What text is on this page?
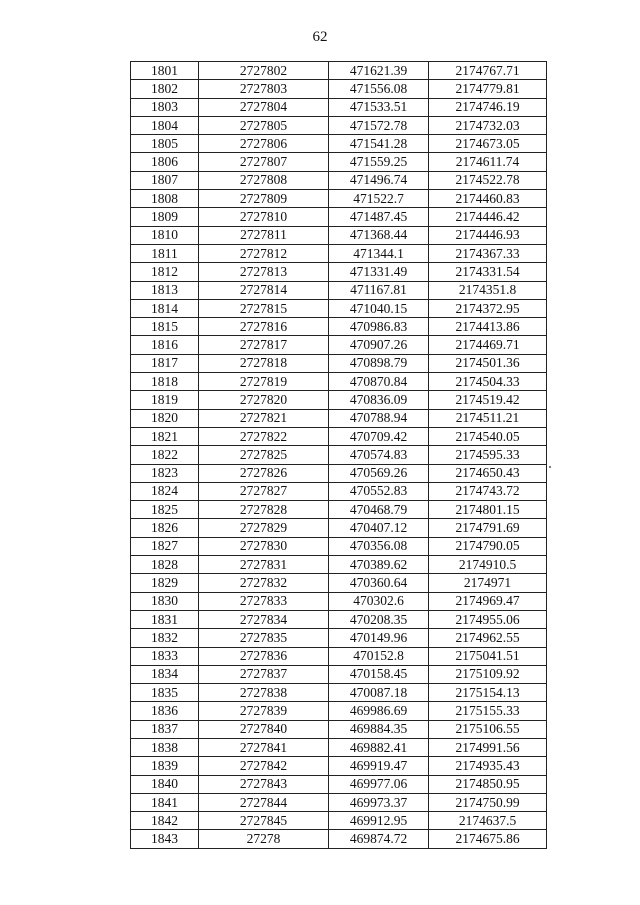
62
1801	2727802	471621.39	2174767.71
1802	2727803	471556.08	2174779.81
1803	2727804	471533.51	2174746.19
1804	2727805	471572.78	2174732.03
1805	2727806	471541.28	2174673.05
1806	2727807	471559.25	2174611.74
1807	2727808	471496.74	2174522.78
1808	2727809	471522.7	2174460.83
1809	2727810	471487.45	2174446.42
1810	2727811	471368.44	2174446.93
1811	2727812	471344.1	2174367.33
1812	2727813	471331.49	2174331.54
1813	2727814	471167.81	2174351.8
1814	2727815	471040.15	2174372.95
1815	2727816	470986.83	2174413.86
1816	2727817	470907.26	2174469.71
1817	2727818	470898.79	2174501.36
1818	2727819	470870.84	2174504.33
1819	2727820	470836.09	2174519.42
1820	2727821	470788.94	2174511.21
1821	2727822	470709.42	2174540.05
1822	2727825	470574.83	2174595.33
1823	2727826	470569.26	2174650.43
1824	2727827	470552.83	2174743.72
1825	2727828	470468.79	2174801.15
1826	2727829	470407.12	2174791.69
1827	2727830	470356.08	2174790.05
1828	2727831	470389.62	2174910.5
1829	2727832	470360.64	2174971
1830	2727833	470302.6	2174969.47
1831	2727834	470208.35	2174955.06
1832	2727835	470149.96	2174962.55
1833	2727836	470152.8	2175041.51
1834	2727837	470158.45	2175109.92
1835	2727838	470087.18	2175154.13
1836	2727839	469986.69	2175155.33
1837	2727840	469884.35	2175106.55
1838	2727841	469882.41	2174991.56
1839	2727842	469919.47	2174935.43
1840	2727843	469977.06	2174850.95
1841	2727844	469973.37	2174750.99
1842	2727845	469912.95	2174637.5
1843	27278	469874.72	2174675.86
